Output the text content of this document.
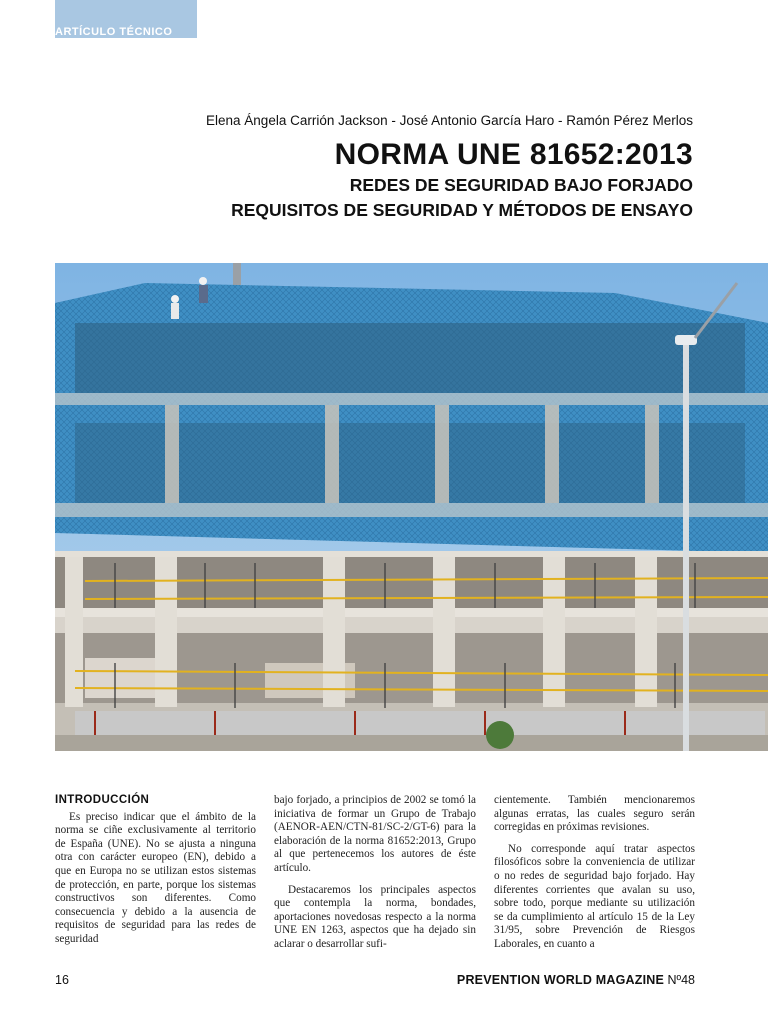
ARTÍCULO TÉCNICO
Elena Ángela Carrión Jackson - José Antonio García Haro - Ramón Pérez Merlos
NORMA UNE 81652:2013
REDES DE SEGURIDAD BAJO FORJADO
REQUISITOS DE SEGURIDAD Y MÉTODOS DE ENSAYO
INTRODUCCIÓN

Es preciso indicar que el ámbito de la norma se ciñe exclusivamente al territorio de España (UNE). No se ajusta a ninguna otra con carácter europeo (EN), debido a que en Europa no se utilizan estos sistemas de protección, en parte, porque los sistemas constructivos son diferentes. Como consecuencia y debido a la ausencia de requisitos de seguridad para las redes de seguridad

bajo forjado, a principios de 2002 se tomó la iniciativa de formar un Grupo de Trabajo (AENOR-AEN/CTN-81/SC-2/GT-6) para la elaboración de la norma 81652:2013, Grupo al que pertenecemos los autores de éste artículo.

Destacaremos los principales aspectos que contempla la norma, bondades, aportaciones novedosas respecto a la norma UNE EN 1263, aspectos que ha dejado sin aclarar o desarrollar sufi-

cientemente. También mencionaremos algunas erratas, las cuales seguro serán corregidas en próximas revisiones.

No corresponde aquí tratar aspectos filosóficos sobre la conveniencia de utilizar o no redes de seguridad bajo forjado. Hay diferentes corrientes que avalan su uso, sobre todo, porque mediante su utilización se da cumplimiento al artículo 15 de la Ley 31/95, sobre Prevención de Riesgos Laborales, en cuanto a

16	PREVENTION WORLD MAGAZINE Nº48
